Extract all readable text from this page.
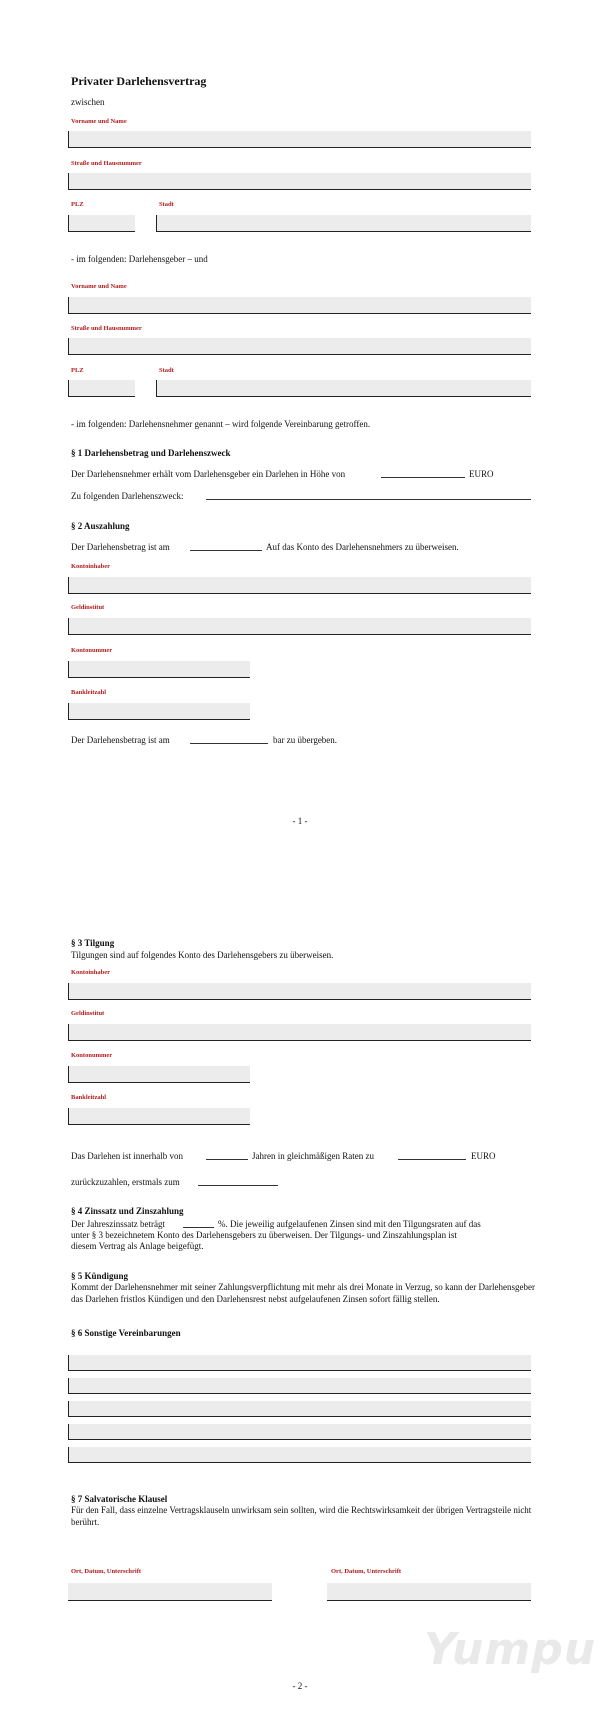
Privater Darlehensvertrag
zwischen
Vorname und Name
Straße und Hausnummer
PLZ	Stadt
- im folgenden: Darlehensgeber – und
Vorname und Name
Straße und Hausnummer
PLZ	Stadt
- im folgenden: Darlehensnehmer genannt – wird folgende Vereinbarung getroffen.
§ 1 Darlehensbetrag und Darlehenszweck
Der Darlehensnehmer erhält vom Darlehensgeber ein Darlehen in Höhe von	EURO
Zu folgenden Darlehenszweck:
§ 2 Auszahlung
Der Darlehensbetrag ist am	Auf das Konto des Darlehensnehmers zu überweisen.
Kontoinhaber
Geldinstitut
Kontonummer
Bankleitzahl
Der Darlehensbetrag ist am	bar zu übergeben.
- 1 -
§ 3 Tilgung
Tilgungen sind auf folgendes Konto des Darlehensgebers zu überweisen.
Kontoinhaber
Geldinstitut
Kontonummer
Bankleitzahl
Das Darlehen ist innerhalb von	Jahren in gleichmäßigen Raten zu	EURO
zurückzuzahlen, erstmals zum
§ 4 Zinssatz und Zinszahlung
Der Jahreszinssatz beträgt	%. Die jeweilig aufgelaufenen Zinsen sind mit den Tilgungsraten auf das
unter § 3 bezeichnetem Konto des Darlehensgebers zu überweisen. Der Tilgungs- und Zinszahlungsplan ist
diesem Vertrag als Anlage beigefügt.
§ 5 Kündigung
Kommt der Darlehensnehmer mit seiner Zahlungsverpflichtung mit mehr als drei Monate in Verzug, so kann der Darlehensgeber das Darlehen fristlos Kündigen und den Darlehensrest nebst aufgelaufenen Zinsen sofort fällig stellen.
§ 6 Sonstige Vereinbarungen
§ 7 Salvatorische Klausel
Für den Fall, dass einzelne Vertragsklauseln unwirksam sein sollten, wird die Rechtswirksamkeit der übrigen Vertragsteile nicht berührt.
Ort, Datum, Unterschrift	Ort, Datum, Unterschrift
Yumpu
- 2 -
